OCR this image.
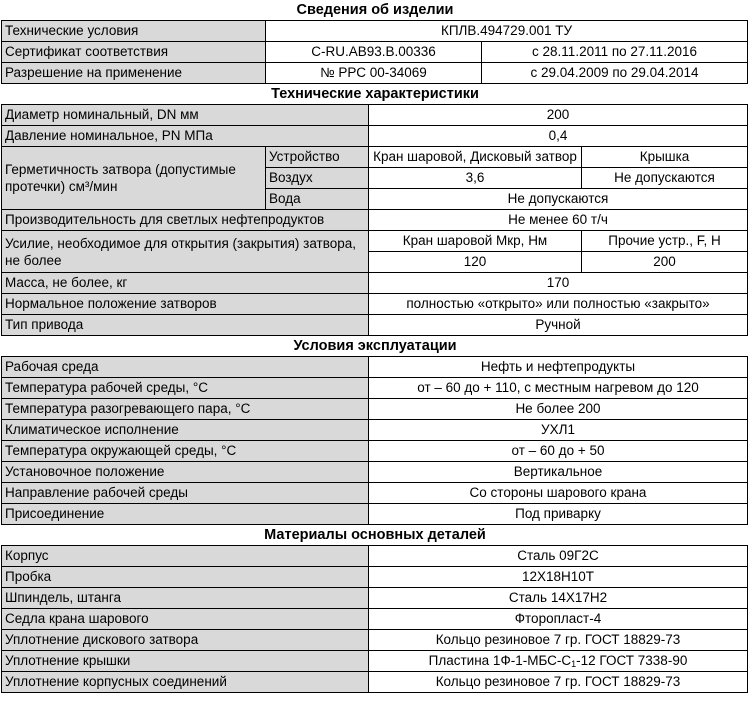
Сведения об изделии
Технические условия	КПЛВ.494729.001 ТУ	
Сертификат соответствия	C-RU.АВ93.В.00336	с 28.11.2011 по 27.11.2016
Разрешение на применение	№ РРС 00-34069	с 29.04.2009 по 29.04.2014
Технические характеристики
Диаметр номинальный, DN мм		200	
Давление номинальное, PN МПа		0,4	
Герметичность затвора (допустимые протечки) см³/мин	Устройство	Кран шаровой, Дисковый затвор	Крышка
	Воздух	3,6	Не допускаются
	Вода	Не допускаются	
Производительность для светлых нефтепродуктов		Не менее 60 т/ч	
Усилие, необходимое для открытия (закрытия) затвора, не более		Кран шаровой Мкр, Нм	Прочие устр., F, Н
		120	200
Масса, не более, кг		170	
Нормальное положение затворов		полностью «открыто» или полностью «закрыто»	
Тип привода		Ручной	
Условия эксплуатации
Рабочая среда	Нефть и нефтепродукты
Температура рабочей среды, °С	от – 60 до + 110, с местным нагревом до 120
Температура разогревающего пара, °С	Не более 200
Климатическое исполнение	УХЛ1
Температура окружающей среды, °С	от – 60 до + 50
Установочное положение	Вертикальное
Направление рабочей среды	Со стороны шарового крана
Присоединение	Под приварку
Материалы основных деталей
Корпус	Сталь 09Г2С
Пробка	12Х18Н10Т
Шпиндель, штанга	Сталь 14Х17Н2
Седла крана шарового	Фторопласт-4
Уплотнение дискового затвора	Кольцо резиновое 7 гр. ГОСТ 18829-73
Уплотнение крышки	Пластина $1Ф-1-МБС-С_1-12$ ГОСТ 7338-90
Уплотнение корпусных соединений	Кольцо резиновое 7 гр. ГОСТ 18829-73
